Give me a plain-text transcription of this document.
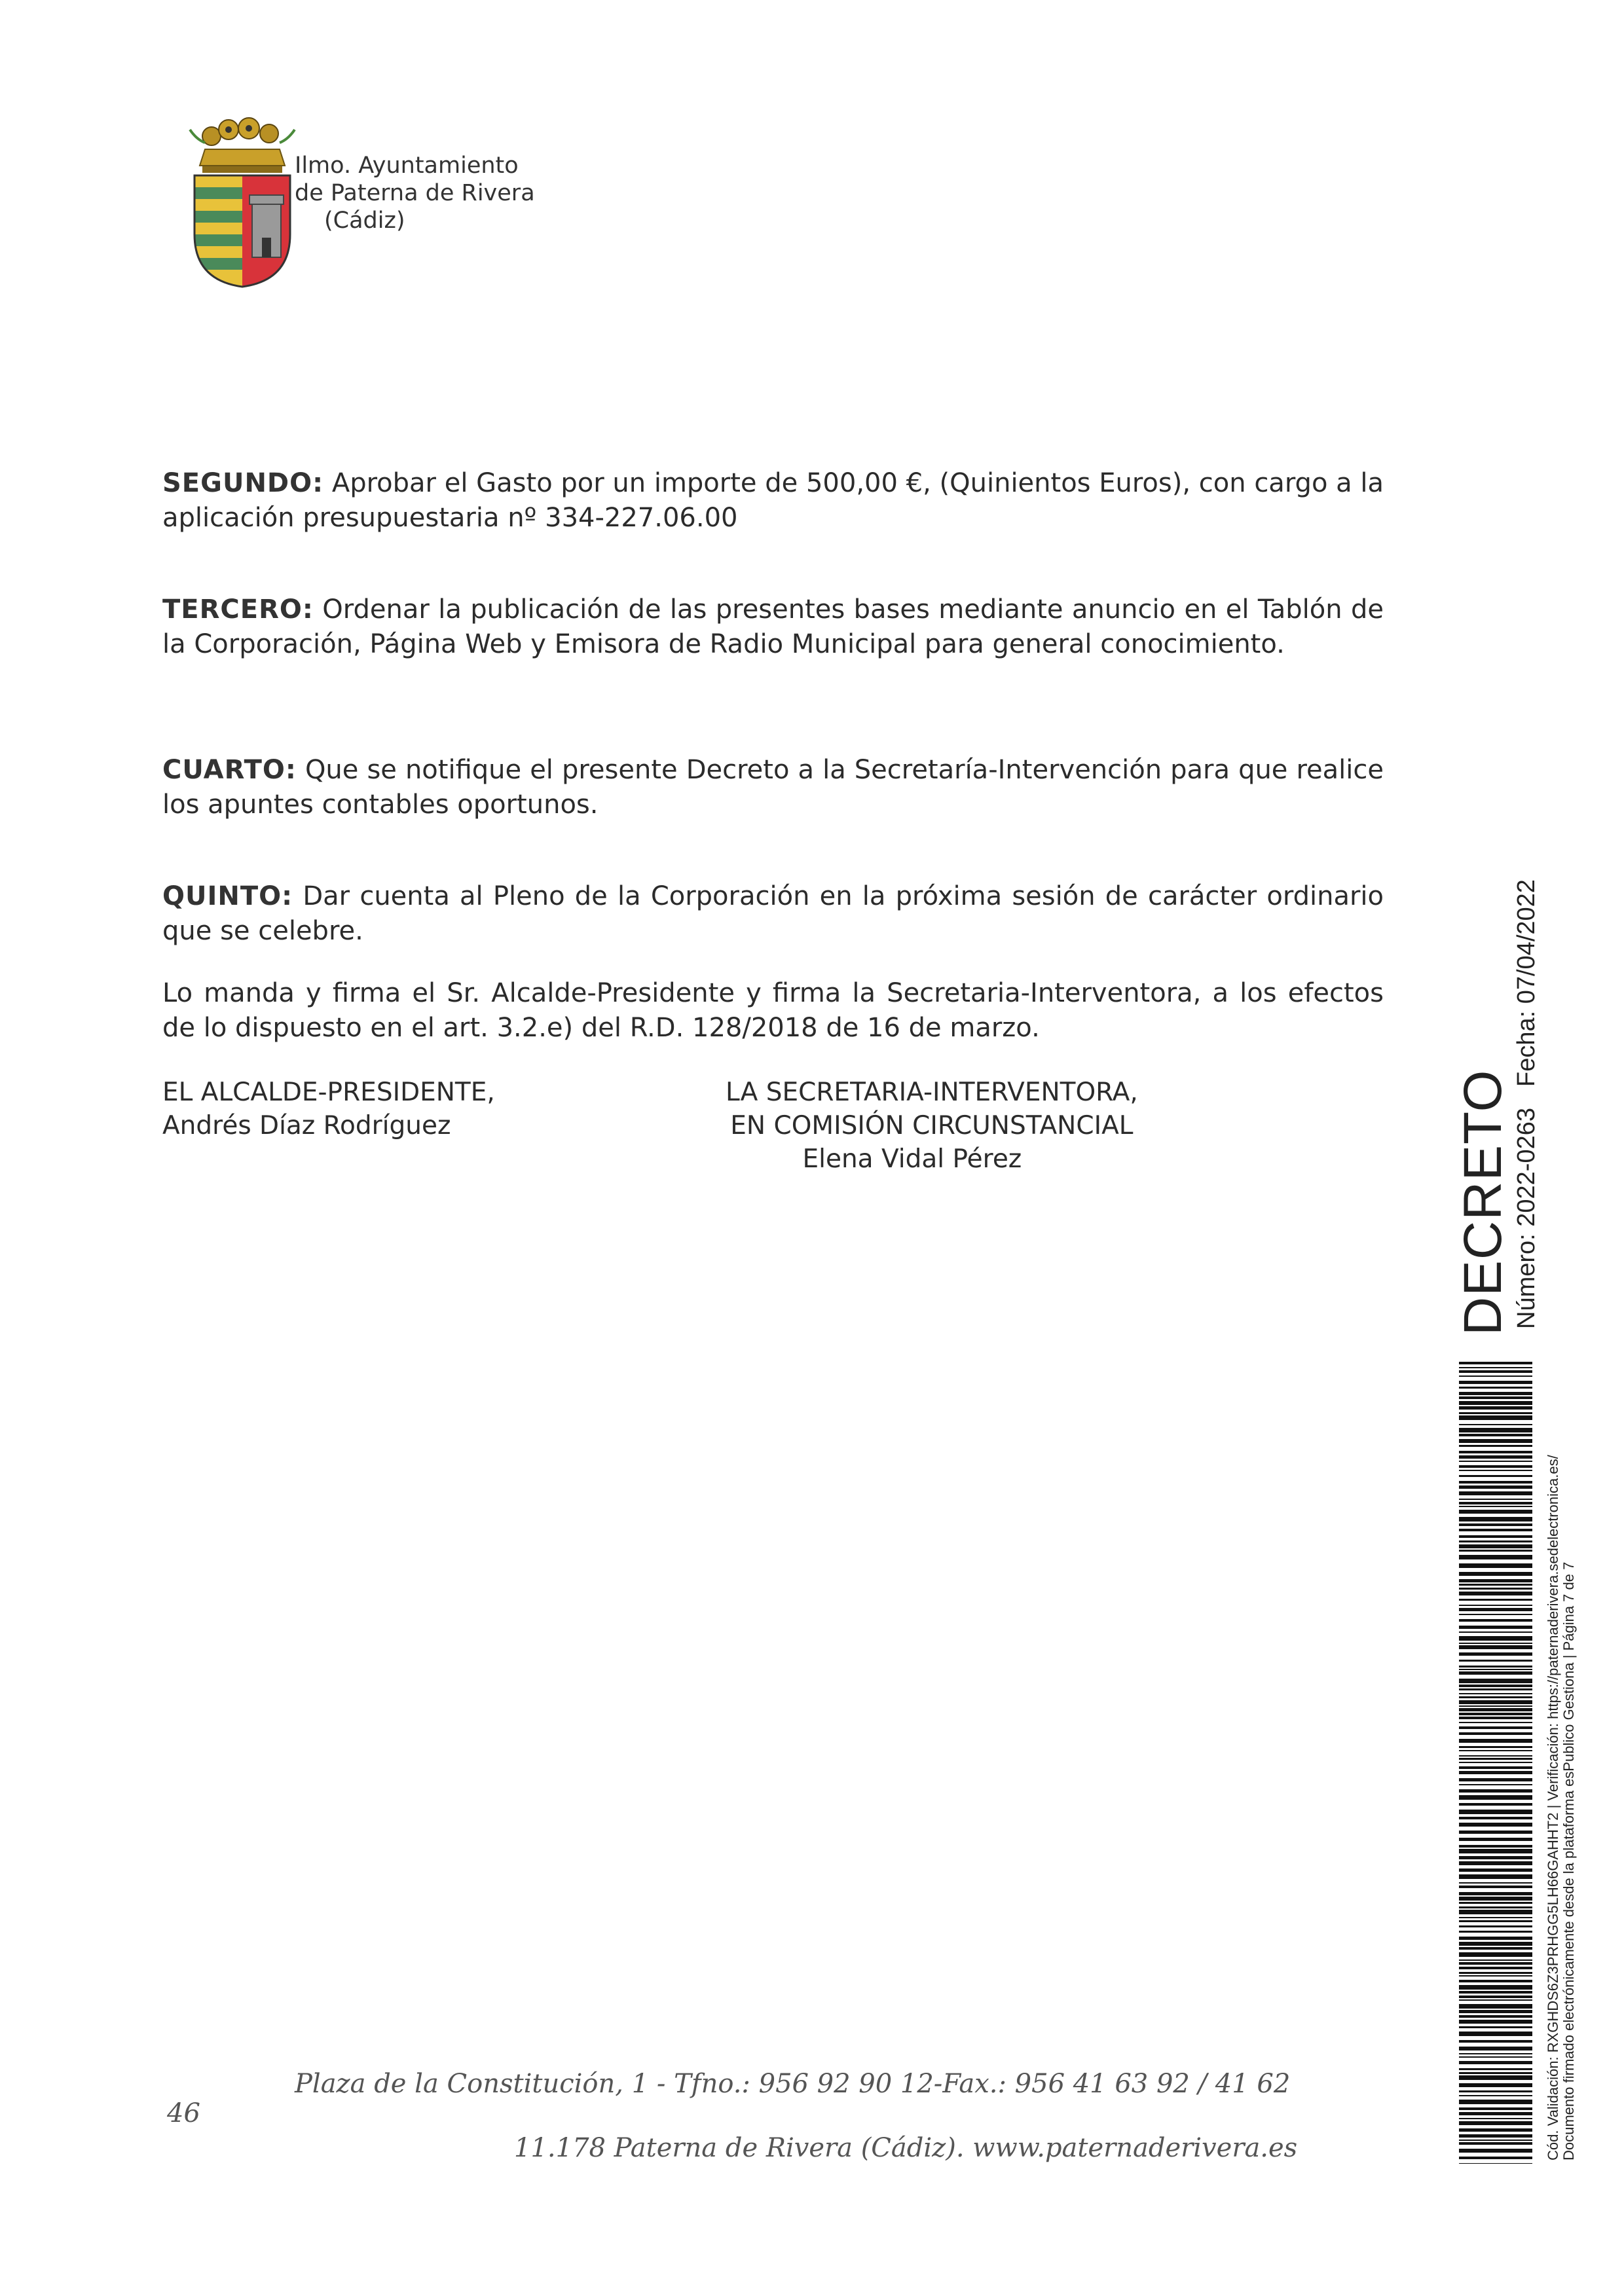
Ilmo. Ayuntamiento
de Paterna de Rivera
(Cádiz)
SEGUNDO: Aprobar el Gasto por un importe de 500,00 €, (Quinientos Euros), con cargo a la aplicación presupuestaria nº 334-227.06.00
TERCERO: Ordenar la publicación de las presentes bases mediante anuncio en el Tablón de la Corporación, Página Web y Emisora de Radio Municipal para general conocimiento.
CUARTO: Que se notifique el presente Decreto a la Secretaría-Intervención para que realice los apuntes contables oportunos.
QUINTO: Dar cuenta al Pleno de la Corporación en la próxima sesión de carácter ordinario que se celebre.
Lo manda y firma el Sr. Alcalde-Presidente y firma la Secretaria-Interventora, a los efectos de lo dispuesto en el art. 3.2.e) del R.D. 128/2018 de 16 de marzo.
EL ALCALDE-PRESIDENTE,
Andrés Díaz Rodríguez
LA SECRETARIA-INTERVENTORA,
EN COMISIÓN CIRCUNSTANCIAL
Elena Vidal Pérez
Plaza de la Constitución, 1 - Tfno.: 956 92 90 12-Fax.: 956 41 63 92 / 41 62
11.178 Paterna de Rivera (Cádiz). www.paternaderivera.es
46
DECRETO Número: 2022-0263
Fecha: 07/04/2022
Cód. Validación: RXGHDS6Z3PRHGG5LH66GAHHT2 | Verificación: https://paternaderivera.sedelectronica.es/ Documento firmado electrónicamente desde la plataforma esPublico Gestiona | Página 7 de 7
